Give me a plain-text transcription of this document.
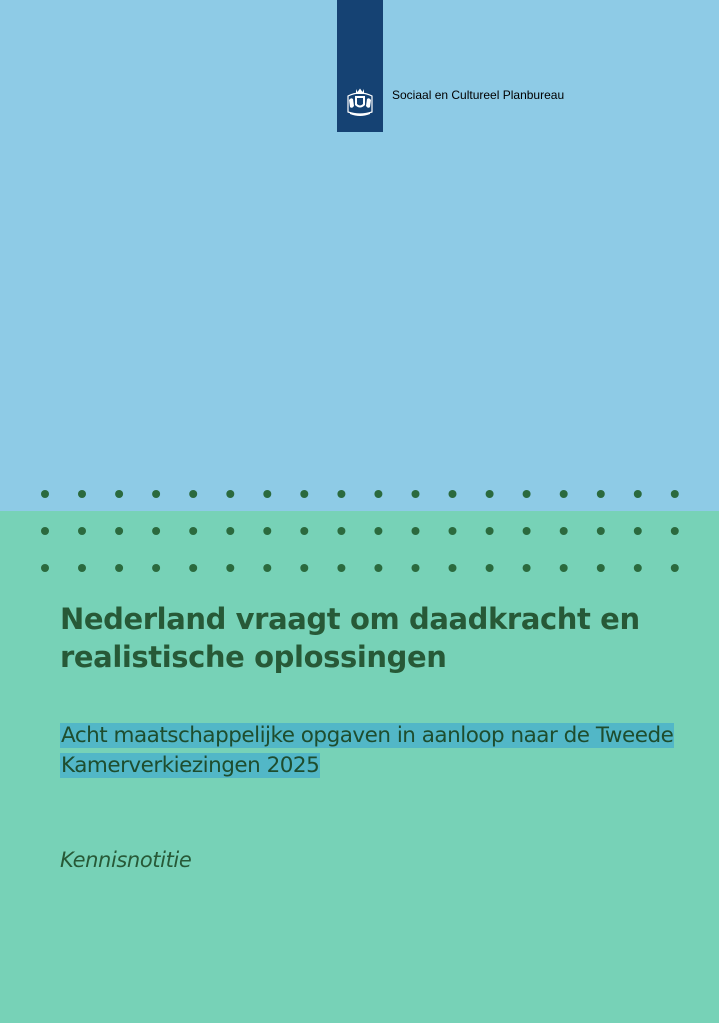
Sociaal en Cultureel Planbureau
Nederland vraagt om daadkracht en realistische oplossingen

Acht maatschappelijke opgaven in aanloop naar de Tweede Kamerverkiezingen 2025

Kennisnotitie
